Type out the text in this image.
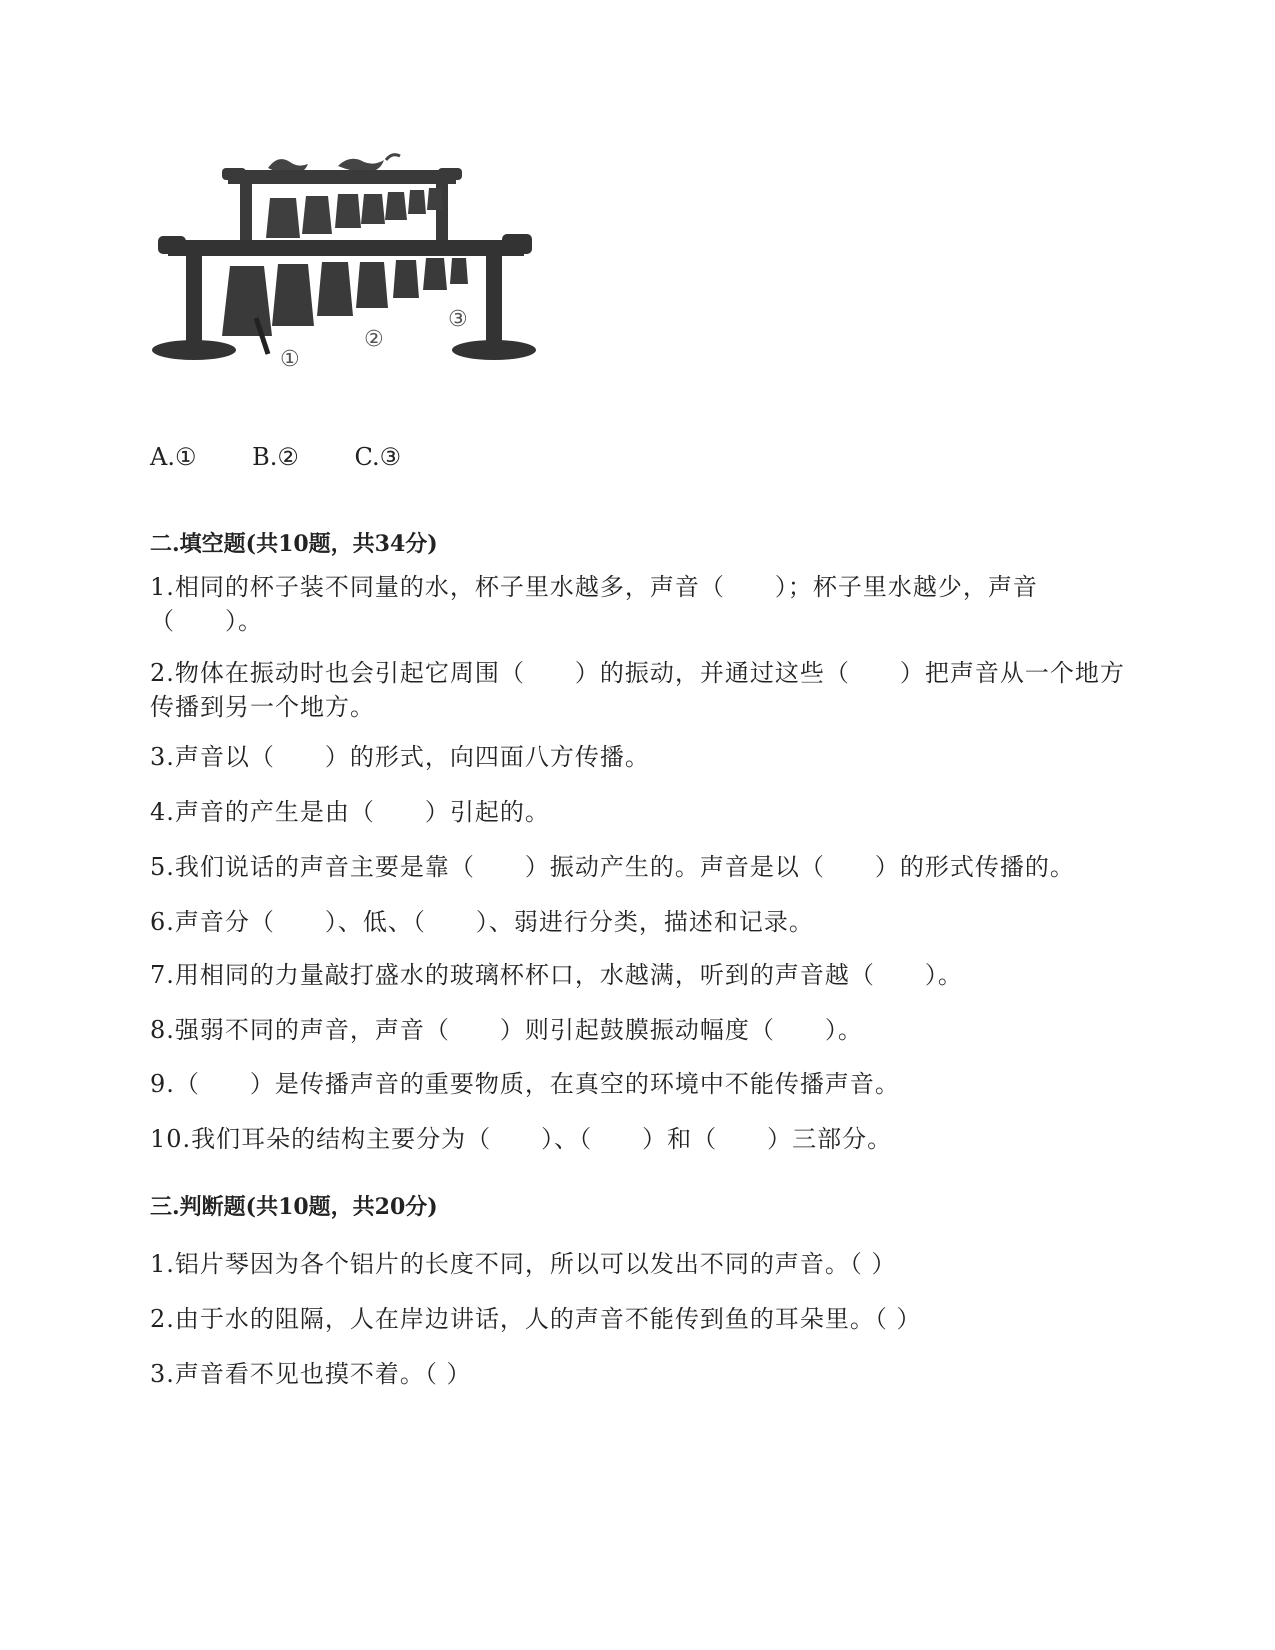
①
②
③
A.① B.② C.③
二.填空题(共10题，共34分)
1.相同的杯子装不同量的水，杯子里水越多，声音（　　）；杯子里水越少，声音（　　）。
2.物体在振动时也会引起它周围（　　）的振动，并通过这些（　　）把声音从一个地方传播到另一个地方。
3.声音以（　　）的形式，向四面八方传播。
4.声音的产生是由（　　）引起的。
5.我们说话的声音主要是靠（　　）振动产生的。声音是以（　　）的形式传播的。
6.声音分（　　）、低、（　　）、弱进行分类，描述和记录。
7.用相同的力量敲打盛水的玻璃杯杯口，水越满，听到的声音越（　　）。
8.强弱不同的声音，声音（　　）则引起鼓膜振动幅度（　　）。
9.（　　）是传播声音的重要物质，在真空的环境中不能传播声音。
10.我们耳朵的结构主要分为（　　）、（　　）和（　　）三部分。
三.判断题(共10题，共20分)
1.铝片琴因为各个铝片的长度不同，所以可以发出不同的声音。（ ）
2.由于水的阻隔，人在岸边讲话，人的声音不能传到鱼的耳朵里。（ ）
3.声音看不见也摸不着。（ ）
